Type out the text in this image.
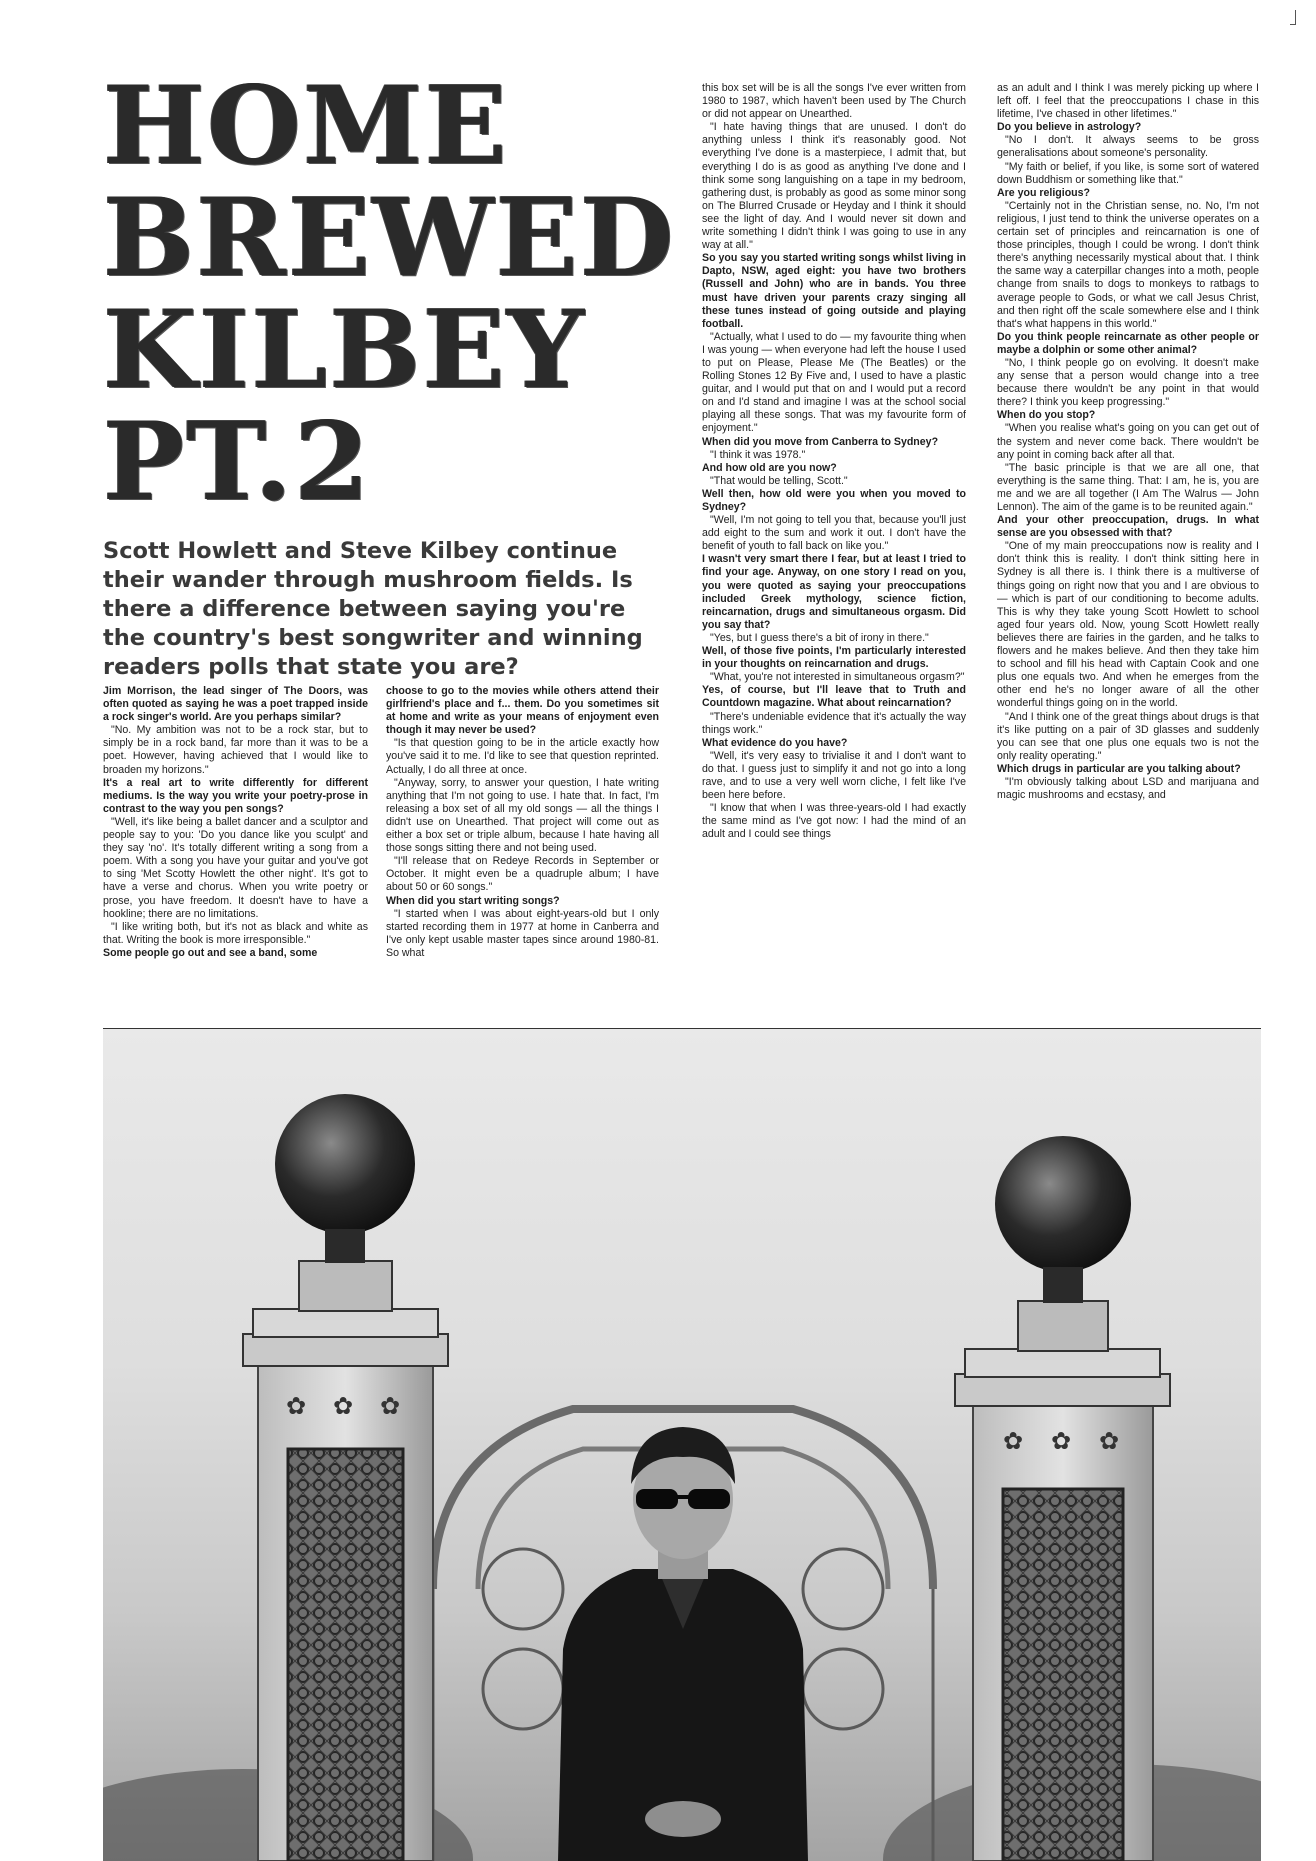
HOME
BREWED
KILBEY
PT.2

Scott Howlett and Steve Kilbey continue their wander through mushroom fields. Is there a difference between saying you're the country's best songwriter and winning readers polls that state you are?

Jim Morrison, the lead singer of The Doors, was often quoted as saying he was a poet trapped inside a rock singer's world. Are you perhaps similar?

"No. My ambition was not to be a rock star, but to simply be in a rock band, far more than it was to be a poet. However, having achieved that I would like to broaden my horizons."

It's a real art to write differently for different mediums. Is the way you write your poetry-prose in contrast to the way you pen songs?

"Well, it's like being a ballet dancer and a sculptor and people say to you: 'Do you dance like you sculpt' and they say 'no'. It's totally different writing a song from a poem. With a song you have your guitar and you've got to sing 'Met Scotty Howlett the other night'. It's got to have a verse and chorus. When you write poetry or prose, you have freedom. It doesn't have to have a hookline; there are no limitations.

"I like writing both, but it's not as black and white as that. Writing the book is more irresponsible."

Some people go out and see a band, some

choose to go to the movies while others attend their girlfriend's place and f... them. Do you sometimes sit at home and write as your means of enjoyment even though it may never be used?

"Is that question going to be in the article exactly how you've said it to me. I'd like to see that question reprinted. Actually, I do all three at once.

"Anyway, sorry, to answer your question, I hate writing anything that I'm not going to use. I hate that. In fact, I'm releasing a box set of all my old songs — all the things I didn't use on Unearthed. That project will come out as either a box set or triple album, because I hate having all those songs sitting there and not being used.

"I'll release that on Redeye Records in September or October. It might even be a quadruple album; I have about 50 or 60 songs."

When did you start writing songs?

"I started when I was about eight-years-old but I only started recording them in 1977 at home in Canberra and I've only kept usable master tapes since around 1980-81. So what

this box set will be is all the songs I've ever written from 1980 to 1987, which haven't been used by The Church or did not appear on Unearthed.

"I hate having things that are unused. I don't do anything unless I think it's reasonably good. Not everything I've done is a masterpiece, I admit that, but everything I do is as good as anything I've done and I think some song languishing on a tape in my bedroom, gathering dust, is probably as good as some minor song on The Blurred Crusade or Heyday and I think it should see the light of day. And I would never sit down and write something I didn't think I was going to use in any way at all."

So you say you started writing songs whilst living in Dapto, NSW, aged eight: you have two brothers (Russell and John) who are in bands. You three must have driven your parents crazy singing all these tunes instead of going outside and playing football.

"Actually, what I used to do — my favourite thing when I was young — when everyone had left the house I used to put on Please, Please Me (The Beatles) or the Rolling Stones 12 By Five and, I used to have a plastic guitar, and I would put that on and I would put a record on and I'd stand and imagine I was at the school social playing all these songs. That was my favourite form of enjoyment."

When did you move from Canberra to Sydney?

"I think it was 1978."

And how old are you now?

"That would be telling, Scott."

Well then, how old were you when you moved to Sydney?

"Well, I'm not going to tell you that, because you'll just add eight to the sum and work it out. I don't have the benefit of youth to fall back on like you."

I wasn't very smart there I fear, but at least I tried to find your age. Anyway, on one story I read on you, you were quoted as saying your preoccupations included Greek mythology, science fiction, reincarnation, drugs and simultaneous orgasm. Did you say that?

"Yes, but I guess there's a bit of irony in there."

Well, of those five points, I'm particularly interested in your thoughts on reincarnation and drugs.

"What, you're not interested in simultaneous orgasm?"

Yes, of course, but I'll leave that to Truth and Countdown magazine. What about reincarnation?

"There's undeniable evidence that it's actually the way things work."

What evidence do you have?

"Well, it's very easy to trivialise it and I don't want to do that. I guess just to simplify it and not go into a long rave, and to use a very well worn cliche, I felt like I've been here before.

"I know that when I was three-years-old I had exactly the same mind as I've got now: I had the mind of an adult and I could see things

as an adult and I think I was merely picking up where I left off. I feel that the preoccupations I chase in this lifetime, I've chased in other lifetimes."

Do you believe in astrology?

"No I don't. It always seems to be gross generalisations about someone's personality.

"My faith or belief, if you like, is some sort of watered down Buddhism or something like that."

Are you religious?

"Certainly not in the Christian sense, no. No, I'm not religious, I just tend to think the universe operates on a certain set of principles and reincarnation is one of those principles, though I could be wrong. I don't think there's anything necessarily mystical about that. I think the same way a caterpillar changes into a moth, people change from snails to dogs to monkeys to ratbags to average people to Gods, or what we call Jesus Christ, and then right off the scale somewhere else and I think that's what happens in this world."

Do you think people reincarnate as other people or maybe a dolphin or some other animal?

"No, I think people go on evolving. It doesn't make any sense that a person would change into a tree because there wouldn't be any point in that would there? I think you keep progressing."

When do you stop?

"When you realise what's going on you can get out of the system and never come back. There wouldn't be any point in coming back after all that.

"The basic principle is that we are all one, that everything is the same thing. That: I am, he is, you are me and we are all together (I Am The Walrus — John Lennon). The aim of the game is to be reunited again."

And your other preoccupation, drugs. In what sense are you obsessed with that?

"One of my main preoccupations now is reality and I don't think this is reality. I don't think sitting here in Sydney is all there is. I think there is a multiverse of things going on right now that you and I are obvious to — which is part of our conditioning to become adults. This is why they take young Scott Howlett to school aged four years old. Now, young Scott Howlett really believes there are fairies in the garden, and he talks to flowers and he makes believe. And then they take him to school and fill his head with Captain Cook and one plus one equals two. And when he emerges from the other end he's no longer aware of all the other wonderful things going on in the world.

"And I think one of the great things about drugs is that it's like putting on a pair of 3D glasses and suddenly you can see that one plus one equals two is not the only reality operating."

Which drugs in particular are you talking about?

"I'm obviously talking about LSD and marijuana and magic mushrooms and ecstasy, and

✿ ✿ ✿
✿ ✿ ✿
